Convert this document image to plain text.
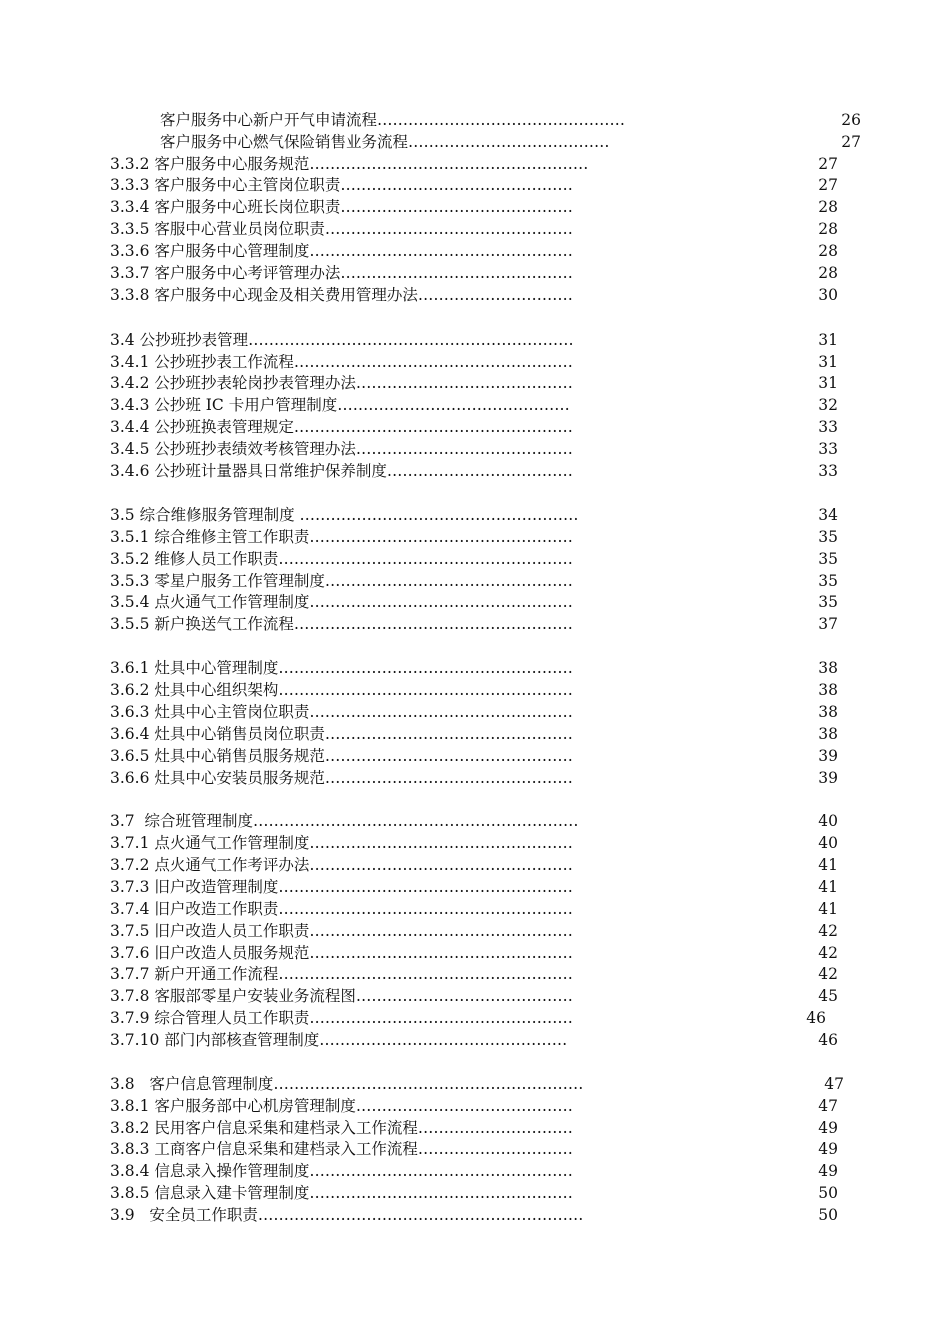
客户服务中心新户开气申请流程…………………………………………	26
客户服务中心燃气保险销售业务流程…………………………………	27
3.3.2 客户服务中心服务规范………………………………………………	27
3.3.3 客户服务中心主管岗位职责………………………………………	27
3.3.4 客户服务中心班长岗位职责………………………………………	28
3.3.5 客服中心营业员岗位职责…………………………………………	28
3.3.6 客户服务中心管理制度……………………………………………	28
3.3.7 客户服务中心考评管理办法………………………………………	28
3.3.8 客户服务中心现金及相关费用管理办法…………………………	30
3.4 公抄班抄表管理………………………………………………………	31
3.4.1 公抄班抄表工作流程………………………………………………	31
3.4.2 公抄班抄表轮岗抄表管理办法……………………………………	31
3.4.3 公抄班 IC 卡用户管理制度………………………………………	32
3.4.4 公抄班换表管理规定………………………………………………	33
3.4.5 公抄班抄表绩效考核管理办法……………………………………	33
3.4.6 公抄班计量器具日常维护保养制度………………………………	33
3.5 综合维修服务管理制度 ………………………………………………	34
3.5.1 综合维修主管工作职责……………………………………………	35
3.5.2 维修人员工作职责…………………………………………………	35
3.5.3 零星户服务工作管理制度…………………………………………	35
3.5.4 点火通气工作管理制度……………………………………………	35
3.5.5 新户换送气工作流程………………………………………………	37
3.6.1 灶具中心管理制度…………………………………………………	38
3.6.2 灶具中心组织架构…………………………………………………	38
3.6.3 灶具中心主管岗位职责……………………………………………	38
3.6.4 灶具中心销售员岗位职责…………………………………………	38
3.6.5 灶具中心销售员服务规范…………………………………………	39
3.6.6 灶具中心安装员服务规范…………………………………………	39
3.7  综合班管理制度………………………………………………………	40
3.7.1 点火通气工作管理制度……………………………………………	40
3.7.2 点火通气工作考评办法……………………………………………	41
3.7.3 旧户改造管理制度…………………………………………………	41
3.7.4 旧户改造工作职责…………………………………………………	41
3.7.5 旧户改造人员工作职责……………………………………………	42
3.7.6 旧户改造人员服务规范……………………………………………	42
3.7.7 新户开通工作流程…………………………………………………	42
3.7.8 客服部零星户安装业务流程图……………………………………	45
3.7.9 综合管理人员工作职责……………………………………………	46
3.7.10 部门内部核查管理制度…………………………………………	46
3.8   客户信息管理制度……………………………………………………	47
3.8.1 客户服务部中心机房管理制度……………………………………	47
3.8.2 民用客户信息采集和建档录入工作流程…………………………	49
3.8.3 工商客户信息采集和建档录入工作流程…………………………	49
3.8.4 信息录入操作管理制度……………………………………………	49
3.8.5 信息录入建卡管理制度……………………………………………	50
3.9   安全员工作职责………………………………………………………	50
